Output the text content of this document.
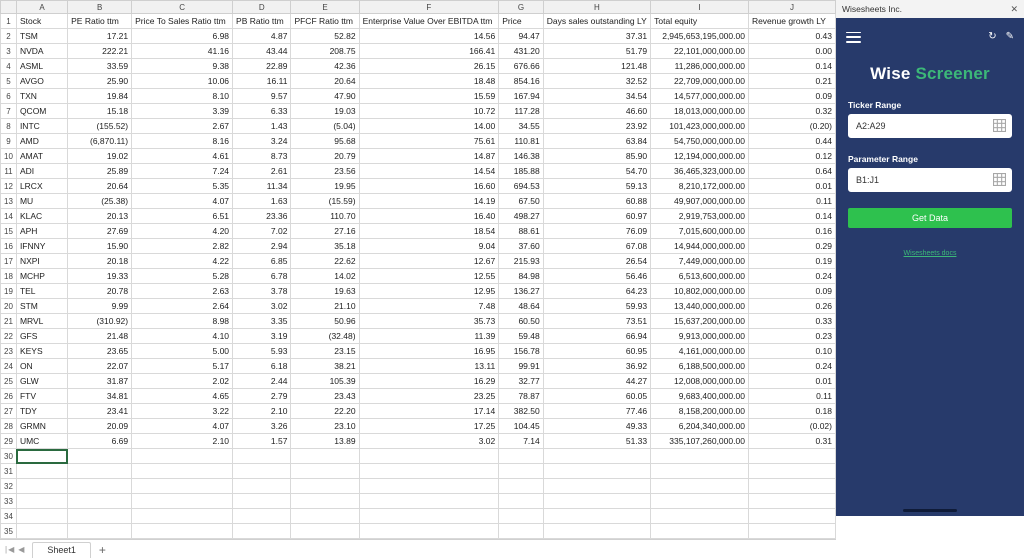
	A	B	C	D	E	F	G	H	I	J
1	Stock	PE Ratio ttm	Price To Sales Ratio ttm	PB Ratio ttm	PFCF Ratio ttm	Enterprise Value Over EBITDA ttm	Price	Days sales outstanding LY	Total equity	Revenue growth LY
2	TSM	17.21	6.98	4.87	52.82	14.56	94.47	37.31	2,945,653,195,000.00	0.43
3	NVDA	222.21	41.16	43.44	208.75	166.41	431.20	51.79	22,101,000,000.00	0.00
4	ASML	33.59	9.38	22.89	42.36	26.15	676.66	121.48	11,286,000,000.00	0.14
5	AVGO	25.90	10.06	16.11	20.64	18.48	854.16	32.52	22,709,000,000.00	0.21
6	TXN	19.84	8.10	9.57	47.90	15.59	167.94	34.54	14,577,000,000.00	0.09
7	QCOM	15.18	3.39	6.33	19.03	10.72	117.28	46.60	18,013,000,000.00	0.32
8	INTC	(155.52)	2.67	1.43	(5.04)	14.00	34.55	23.92	101,423,000,000.00	(0.20)
9	AMD	(6,870.11)	8.16	3.24	95.68	75.61	110.81	63.84	54,750,000,000.00	0.44
10	AMAT	19.02	4.61	8.73	20.79	14.87	146.38	85.90	12,194,000,000.00	0.12
11	ADI	25.89	7.24	2.61	23.56	14.54	185.88	54.70	36,465,323,000.00	0.64
12	LRCX	20.64	5.35	11.34	19.95	16.60	694.53	59.13	8,210,172,000.00	0.01
13	MU	(25.38)	4.07	1.63	(15.59)	14.19	67.50	60.88	49,907,000,000.00	0.11
14	KLAC	20.13	6.51	23.36	110.70	16.40	498.27	60.97	2,919,753,000.00	0.14
15	APH	27.69	4.20	7.02	27.16	18.54	88.61	76.09	7,015,600,000.00	0.16
16	IFNNY	15.90	2.82	2.94	35.18	9.04	37.60	67.08	14,944,000,000.00	0.29
17	NXPI	20.18	4.22	6.85	22.62	12.67	215.93	26.54	7,449,000,000.00	0.19
18	MCHP	19.33	5.28	6.78	14.02	12.55	84.98	56.46	6,513,600,000.00	0.24
19	TEL	20.78	2.63	3.78	19.63	12.95	136.27	64.23	10,802,000,000.00	0.09
20	STM	9.99	2.64	3.02	21.10	7.48	48.64	59.93	13,440,000,000.00	0.26
21	MRVL	(310.92)	8.98	3.35	50.96	35.73	60.50	73.51	15,637,200,000.00	0.33
22	GFS	21.48	4.10	3.19	(32.48)	11.39	59.48	66.94	9,913,000,000.00	0.23
23	KEYS	23.65	5.00	5.93	23.15	16.95	156.78	60.95	4,161,000,000.00	0.10
24	ON	22.07	5.17	6.18	38.21	13.11	99.91	36.92	6,188,500,000.00	0.24
25	GLW	31.87	2.02	2.44	105.39	16.29	32.77	44.27	12,008,000,000.00	0.01
26	FTV	34.81	4.65	2.79	23.43	23.25	78.87	60.05	9,683,400,000.00	0.11
27	TDY	23.41	3.22	2.10	22.20	17.14	382.50	77.46	8,158,200,000.00	0.18
28	GRMN	20.09	4.07	3.26	23.10	17.25	104.45	49.33	6,204,340,000.00	(0.02)
29	UMC	6.69	2.10	1.57	13.89	3.02	7.14	51.33	335,107,260,000.00	0.31
30										
31										
32										
33										
34										
35										
|◀ ◀	Sheet1	+
Wisesheets Inc.	✕
↻ ✎
Wise Screener
Ticker Range
A2:A29
Parameter Range
B1:J1
Get Data
Wisesheets docs
